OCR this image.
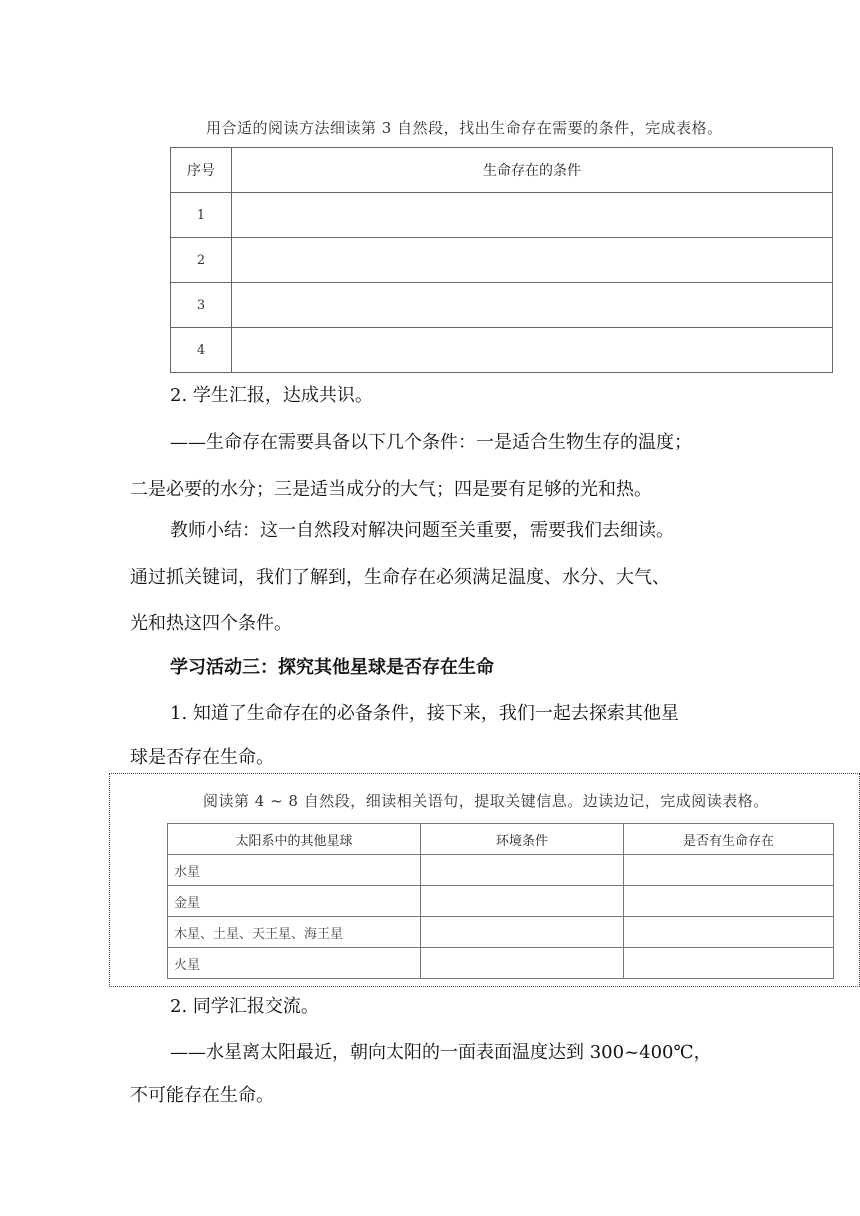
用合适的阅读方法细读第 3 自然段，找出生命存在需要的条件，完成表格。
序号	生命存在的条件
1	
2	
3	
4	
2. 学生汇报，达成共识。
——生命存在需要具备以下几个条件：一是适合生物生存的温度；
二是必要的水分；三是适当成分的大气；四是要有足够的光和热。
教师小结：这一自然段对解决问题至关重要，需要我们去细读。
通过抓关键词，我们了解到，生命存在必须满足温度、水分、大气、
光和热这四个条件。
学习活动三：探究其他星球是否存在生命
1. 知道了生命存在的必备条件，接下来，我们一起去探索其他星
球是否存在生命。
阅读第 4 ~ 8 自然段，细读相关语句，提取关键信息。边读边记，完成阅读表格。
太阳系中的其他星球	环境条件	是否有生命存在
水星		
金星		
木星、土星、天王星、海王星		
火星		
2. 同学汇报交流。
——水星离太阳最近，朝向太阳的一面表面温度达到 300~400℃，
不可能存在生命。
